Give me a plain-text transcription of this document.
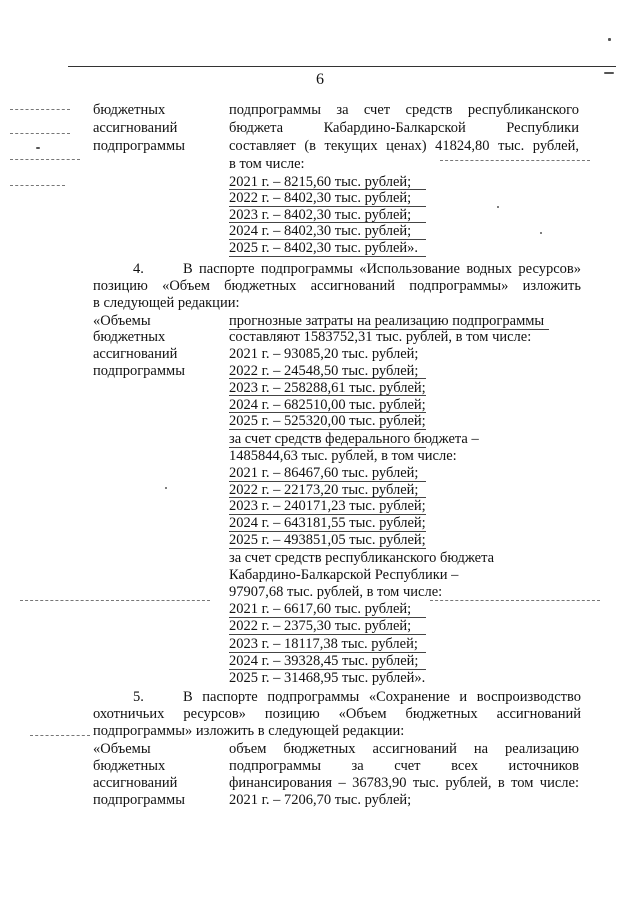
6
бюджетных
ассигнований
подпрограммы
подпрограммы за счет средств республиканского
бюджета Кабардино-Балкарской Республики
составляет (в текущих ценах) 41824,80 тыс. рублей,
в том числе:
2021 г. – 8215,60 тыс. рублей;
2022 г. – 8402,30 тыс. рублей;
2023 г. – 8402,30 тыс. рублей;
2024 г. – 8402,30 тыс. рублей;
2025 г. – 8402,30 тыс. рублей».
4.	В паспорте подпрограммы «Использование водных ресурсов»
позицию «Объем бюджетных ассигнований подпрограммы» изложить
в следующей редакции:
«Объемы
бюджетных
ассигнований
подпрограммы
прогнозные затраты на реализацию подпрограммы
составляют 1583752,31 тыс. рублей, в том числе:
2021 г. – 93085,20 тыс. рублей;
2022 г. – 24548,50 тыс. рублей;
2023 г. – 258288,61 тыс. рублей;
2024 г. – 682510,00 тыс. рублей;
2025 г. – 525320,00 тыс. рублей;
за счет средств федерального бюджета –
1485844,63 тыс. рублей, в том числе:
2021 г. – 86467,60 тыс. рублей;
2022 г. – 22173,20 тыс. рублей;
2023 г. – 240171,23 тыс. рублей;
2024 г. – 643181,55 тыс. рублей;
2025 г. – 493851,05 тыс. рублей;
за счет средств республиканского бюджета
Кабардино-Балкарской Республики –
97907,68 тыс. рублей, в том числе:
2021 г. – 6617,60 тыс. рублей;
2022 г. – 2375,30 тыс. рублей;
2023 г. – 18117,38 тыс. рублей;
2024 г. – 39328,45 тыс. рублей;
2025 г. – 31468,95 тыс. рублей».
5.	В паспорте подпрограммы «Сохранение и воспроизводство
охотничьих ресурсов» позицию «Объем бюджетных ассигнований
подпрограммы» изложить в следующей редакции:
«Объемы
бюджетных
ассигнований
подпрограммы
объем бюджетных ассигнований на реализацию
подпрограммы за счет всех источников
финансирования – 36783,90 тыс. рублей, в том числе:
2021 г. – 7206,70 тыс. рублей;
